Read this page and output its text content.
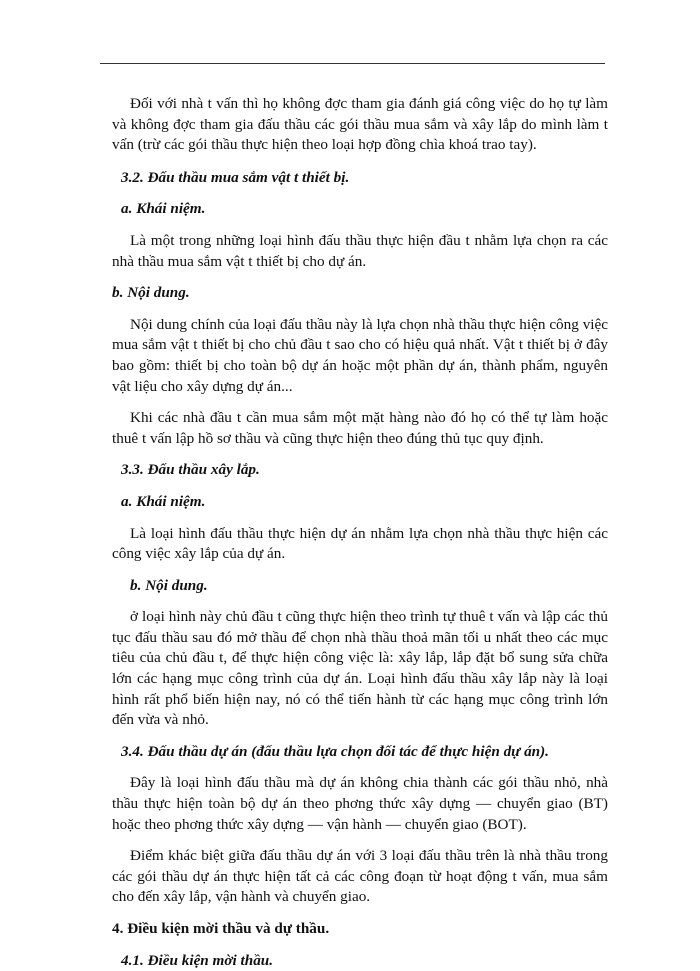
Đối với nhà t vấn thì họ không đợc tham gia đánh giá công việc do họ tự làm và không đợc tham gia đấu thầu các gói thầu mua sắm và xây lắp do mình làm t vấn (trừ các gói thầu thực hiện theo loại hợp đồng chìa khoá trao tay).

3.2. Đấu thầu mua sắm vật t thiết bị.

a. Khái niệm.

Là một trong những loại hình đấu thầu thực hiện đầu t nhằm lựa chọn ra các nhà thầu mua sắm vật t thiết bị cho dự án.

b. Nội dung.

Nội dung chính của loại đấu thầu này là lựa chọn nhà thầu thực hiện công việc mua sắm vật t thiết bị cho chủ đầu t sao cho có hiệu quả nhất. Vật t thiết bị ở đây bao gồm: thiết bị cho toàn bộ dự án hoặc một phần dự án, thành phẩm, nguyên vật liệu cho xây dựng dự án...

Khi các nhà đầu t cần mua sắm một mặt hàng nào đó họ có thể tự làm hoặc thuê t vấn lập hồ sơ thầu và cũng thực hiện theo đúng thủ tục quy định.

3.3. Đấu thầu xây lắp.

a. Khái niệm.

Là loại hình đấu thầu thực hiện dự án nhằm lựa chọn nhà thầu thực hiện các công việc xây lắp của dự án.

b. Nội dung.

ở loại hình này chủ đầu t cũng thực hiện theo trình tự thuê t vấn và lập các thủ tục đấu thầu sau đó mở thầu để chọn nhà thầu thoả mãn tối u nhất theo các mục tiêu của chủ đầu t, để thực hiện công việc là: xây lắp, lắp đặt bổ sung sửa chữa lớn các hạng mục công trình của dự án. Loại hình đấu thầu xây lắp này là loại hình rất phổ biến hiện nay, nó có thể tiến hành từ các hạng mục công trình lớn đến vừa và nhỏ.

3.4. Đấu thầu dự án (đấu thầu lựa chọn đối tác để thực hiện dự án).

Đây là loại hình đấu thầu mà dự án không chia thành các gói thầu nhỏ, nhà thầu thực hiện toàn bộ dự án theo phơng thức xây dựng — chuyển giao (BT) hoặc theo phơng thức xây dựng — vận hành — chuyển giao (BOT).

Điểm khác biệt giữa đấu thầu dự án với 3 loại đấu thầu trên là nhà thầu trong các gói thầu dự án thực hiện tất cả các công đoạn từ hoạt động t vấn, mua sắm cho đến xây lắp, vận hành và chuyển giao.

4. Điều kiện mời thầu và dự thầu.

4.1. Điều kiện mời thầu.
